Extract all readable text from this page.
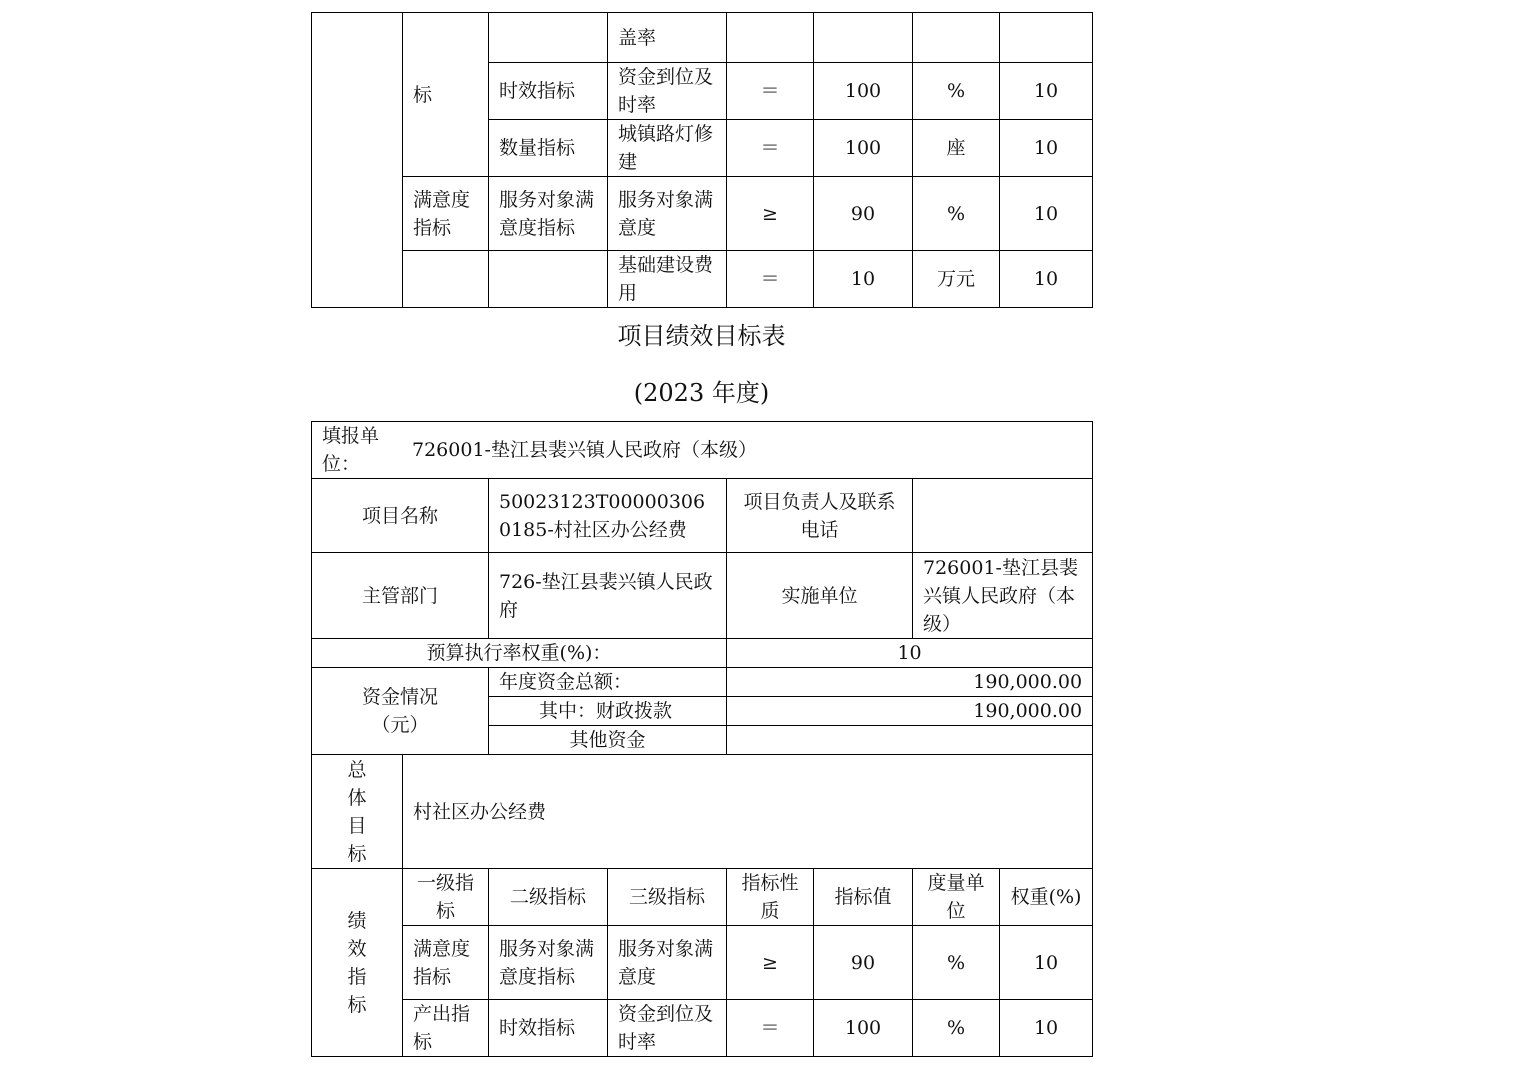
	标		盖率				
		时效指标	资金到位及时率	＝	100	%	10
		数量指标	城镇路灯修建	＝	100	座	10
	满意度指标	服务对象满意度指标	服务对象满意度	≥	90	%	10
			基础建设费用	＝	10	万元	10
项目绩效目标表
(2023 年度)
填报单位：
726001-垫江县裴兴镇人民政府（本级）							

项目名称		50023123T000003060185-村社区办公经费		项目负责人及联系电话			
主管部门		726-垫江县裴兴镇人民政府		实施单位		726001-垫江县裴兴镇人民政府（本级）	
预算执行率权重(%)：				10			

资金情况（元）		年度资金总额：		190,000.00			
		其中：财政拨款		190,000.00			
		其他资金					
总体目标	村社区办公经费						
绩效指标	一级指标	二级指标	三级指标	指标性质	指标值	度量单位	权重(%)
	满意度指标	服务对象满意度指标	服务对象满意度	≥	90	%	10
	产出指标	时效指标	资金到位及时率	＝	100	%	10
